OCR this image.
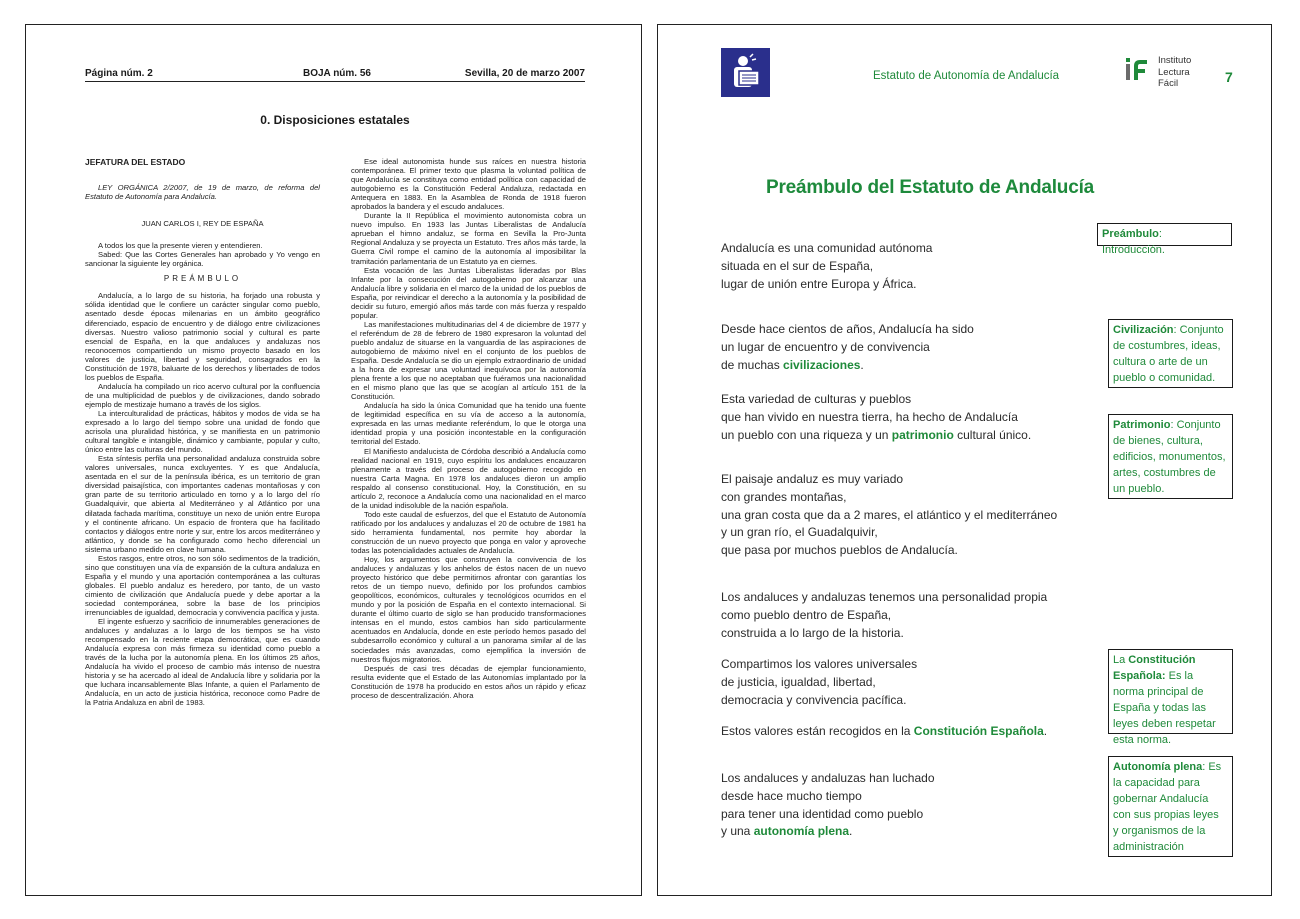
Página núm. 2	BOJA núm. 56	Sevilla, 20 de marzo 2007
0. Disposiciones estatales

JEFATURA DEL ESTADO

LEY ORGÁNICA 2/2007, de 19 de marzo, de reforma del Estatuto de Autonomía para Andalucía.

JUAN CARLOS I, REY DE ESPAÑA

A todos los que la presente vieren y entendieren.

Sabed: Que las Cortes Generales han aprobado y Yo vengo en sancionar la siguiente ley orgánica.

PREÁMBULO

Andalucía, a lo largo de su historia, ha forjado una robusta y sólida identidad que le confiere un carácter singular como pueblo, asentado desde épocas milenarias en un ámbito geográfico diferenciado, espacio de encuentro y de diálogo entre civilizaciones diversas. Nuestro valioso patrimonio social y cultural es parte esencial de España, en la que andaluces y andaluzas nos reconocemos compartiendo un mismo proyecto basado en los valores de justicia, libertad y seguridad, consagrados en la Constitución de 1978, baluarte de los derechos y libertades de todos los pueblos de España.

Andalucía ha compilado un rico acervo cultural por la confluencia de una multiplicidad de pueblos y de civilizaciones, dando sobrado ejemplo de mestizaje humano a través de los siglos.

La interculturalidad de prácticas, hábitos y modos de vida se ha expresado a lo largo del tiempo sobre una unidad de fondo que acrisola una pluralidad histórica, y se manifiesta en un patrimonio cultural tangible e intangible, dinámico y cambiante, popular y culto, único entre las culturas del mundo.

Esta síntesis perfila una personalidad andaluza construida sobre valores universales, nunca excluyentes. Y es que Andalucía, asentada en el sur de la península ibérica, es un territorio de gran diversidad paisajística, con importantes cadenas montañosas y con gran parte de su territorio articulado en torno y a lo largo del río Guadalquivir, que abierta al Mediterráneo y al Atlántico por una dilatada fachada marítima, constituye un nexo de unión entre Europa y el continente africano. Un espacio de frontera que ha facilitado contactos y diálogos entre norte y sur, entre los arcos mediterráneo y atlántico, y donde se ha configurado como hecho diferencial un sistema urbano medido en clave humana.

Estos rasgos, entre otros, no son sólo sedimentos de la tradición, sino que constituyen una vía de expansión de la cultura andaluza en España y el mundo y una aportación contemporánea a las culturas globales. El pueblo andaluz es heredero, por tanto, de un vasto cimiento de civilización que Andalucía puede y debe aportar a la sociedad contemporánea, sobre la base de los principios irrenunciables de igualdad, democracia y convivencia pacífica y justa.

El ingente esfuerzo y sacrificio de innumerables generaciones de andaluces y andaluzas a lo largo de los tiempos se ha visto recompensado en la reciente etapa democrática, que es cuando Andalucía expresa con más firmeza su identidad como pueblo a través de la lucha por la autonomía plena. En los últimos 25 años, Andalucía ha vivido el proceso de cambio más intenso de nuestra historia y se ha acercado al ideal de Andalucía libre y solidaria por la que luchara incansablemente Blas Infante, a quien el Parlamento de Andalucía, en un acto de justicia histórica, reconoce como Padre de la Patria Andaluza en abril de 1983.

Ese ideal autonomista hunde sus raíces en nuestra historia contemporánea. El primer texto que plasma la voluntad política de que Andalucía se constituya como entidad política con capacidad de autogobierno es la Constitución Federal Andaluza, redactada en Antequera en 1883. En la Asamblea de Ronda de 1918 fueron aprobados la bandera y el escudo andaluces.

Durante la II República el movimiento autonomista cobra un nuevo impulso. En 1933 las Juntas Liberalistas de Andalucía aprueban el himno andaluz, se forma en Sevilla la Pro-Junta Regional Andaluza y se proyecta un Estatuto. Tres años más tarde, la Guerra Civil rompe el camino de la autonomía al imposibilitar la tramitación parlamentaria de un Estatuto ya en ciernes.

Esta vocación de las Juntas Liberalistas lideradas por Blas Infante por la consecución del autogobierno por alcanzar una Andalucía libre y solidaria en el marco de la unidad de los pueblos de España, por reivindicar el derecho a la autonomía y la posibilidad de decidir su futuro, emergió años más tarde con más fuerza y respaldo popular.

Las manifestaciones multitudinarias del 4 de diciembre de 1977 y el referéndum de 28 de febrero de 1980 expresaron la voluntad del pueblo andaluz de situarse en la vanguardia de las aspiraciones de autogobierno de máximo nivel en el conjunto de los pueblos de España. Desde Andalucía se dio un ejemplo extraordinario de unidad a la hora de expresar una voluntad inequívoca por la autonomía plena frente a los que no aceptaban que fuéramos una nacionalidad en el mismo plano que las que se acogían al artículo 151 de la Constitución.

Andalucía ha sido la única Comunidad que ha tenido una fuente de legitimidad específica en su vía de acceso a la autonomía, expresada en las urnas mediante referéndum, lo que le otorga una identidad propia y una posición incontestable en la configuración territorial del Estado.

El Manifiesto andalucista de Córdoba describió a Andalucía como realidad nacional en 1919, cuyo espíritu los andaluces encauzaron plenamente a través del proceso de autogobierno recogido en nuestra Carta Magna. En 1978 los andaluces dieron un amplio respaldo al consenso constitucional. Hoy, la Constitución, en su artículo 2, reconoce a Andalucía como una nacionalidad en el marco de la unidad indisoluble de la nación española.

Todo este caudal de esfuerzos, del que el Estatuto de Autonomía ratificado por los andaluces y andaluzas el 20 de octubre de 1981 ha sido herramienta fundamental, nos permite hoy abordar la construcción de un nuevo proyecto que ponga en valor y aproveche todas las potencialidades actuales de Andalucía.

Hoy, los argumentos que construyen la convivencia de los andaluces y andaluzas y los anhelos de éstos nacen de un nuevo proyecto histórico que debe permitirnos afrontar con garantías los retos de un tiempo nuevo, definido por los profundos cambios geopolíticos, económicos, culturales y tecnológicos ocurridos en el mundo y por la posición de España en el contexto internacional. Si durante el último cuarto de siglo se han producido transformaciones intensas en el mundo, estos cambios han sido particularmente acentuados en Andalucía, donde en este período hemos pasado del subdesarrollo económico y cultural a un panorama similar al de las sociedades más avanzadas, como ejemplifica la inversión de nuestros flujos migratorios.

Después de casi tres décadas de ejemplar funcionamiento, resulta evidente que el Estado de las Autonomías implantado por la Constitución de 1978 ha producido en estos años un rápido y eficaz proceso de descentralización. Ahora

Estatuto de Autonomía de Andalucía
Instituto
Lectura
Fácil	7
Preámbulo del Estatuto de Andalucía
Andalucía es una comunidad autónoma
situada en el sur de España,
lugar de unión entre Europa y África.
Desde hace cientos de años, Andalucía ha sido
un lugar de encuentro y de convivencia
de muchas civilizaciones.
Esta variedad de culturas y pueblos
que han vivido en nuestra tierra, ha hecho de Andalucía
un pueblo con una riqueza y un patrimonio cultural único.
El paisaje andaluz es muy variado
con grandes montañas,
una gran costa que da a 2 mares, el atlántico y el mediterráneo
y un gran río, el Guadalquivir,
que pasa por muchos pueblos de Andalucía.
Los andaluces y andaluzas tenemos una personalidad propia
como pueblo dentro de España,
construida a lo largo de la historia.
Compartimos los valores universales
de justicia, igualdad, libertad,
democracia y convivencia pacífica.
Estos valores están recogidos en la Constitución Española.
Los andaluces y andaluzas han luchado
desde hace mucho tiempo
para tener una identidad como pueblo
y una autonomía plena.
Preámbulo: Introducción.
Civilización: Conjunto de costumbres, ideas, cultura o arte de un pueblo o comunidad.
Patrimonio: Conjunto de bienes, cultura, edificios, monumentos, artes, costumbres de un pueblo.
La Constitución Española: Es la norma principal de España y todas las leyes deben respetar esta norma.
Autonomía plena: Es la capacidad para gobernar Andalucía con sus propias leyes y organismos de la administración
